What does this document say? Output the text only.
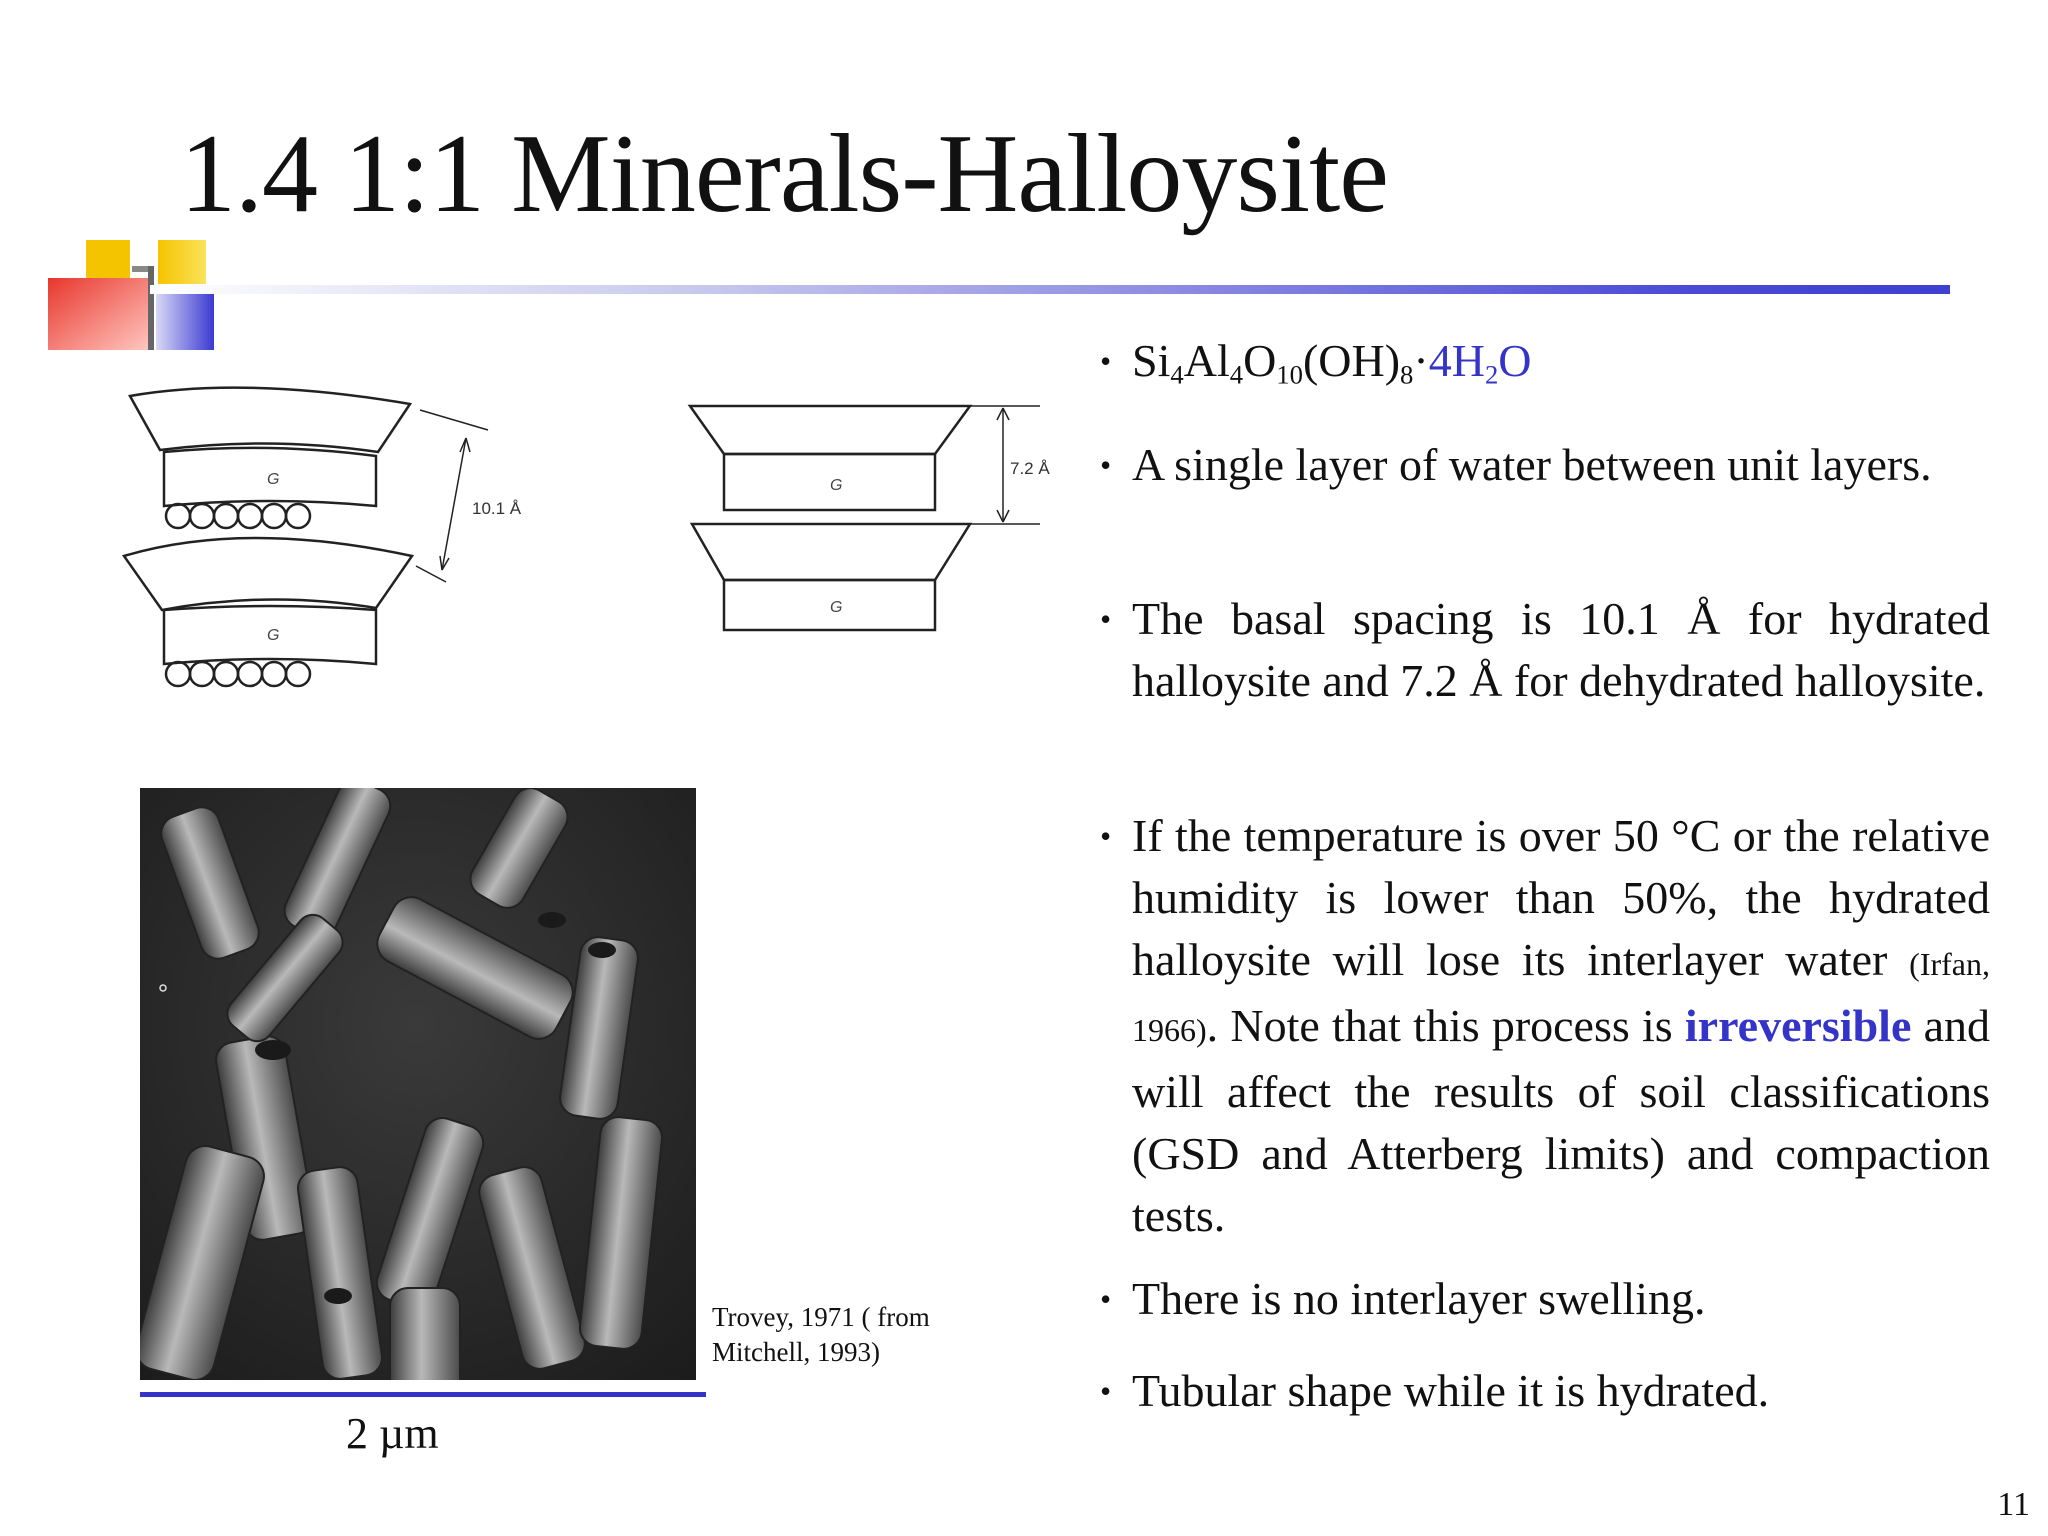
1.4 1:1 Minerals-Halloysite
G
G
10.1 Å
G
G
7.2 Å
2 µm
Trovey, 1971 ( from Mitchell, 1993)
• $Si_4Al_4O_{10}(OH)_8\cdot 4H_2O$
• A single layer of water between unit layers.
• The basal spacing is 10.1 Å for hydrated halloysite and 7.2 Å for dehydrated halloysite.
• If the temperature is over 50 °C or the relative humidity is lower than 50%, the hydrated halloysite will lose its interlayer water (Irfan, 1966). Note that this process is irreversible and will affect the results of soil classifications (GSD and Atterberg limits) and compaction tests.
• There is no interlayer swelling.
• Tubular shape while it is hydrated.
11
